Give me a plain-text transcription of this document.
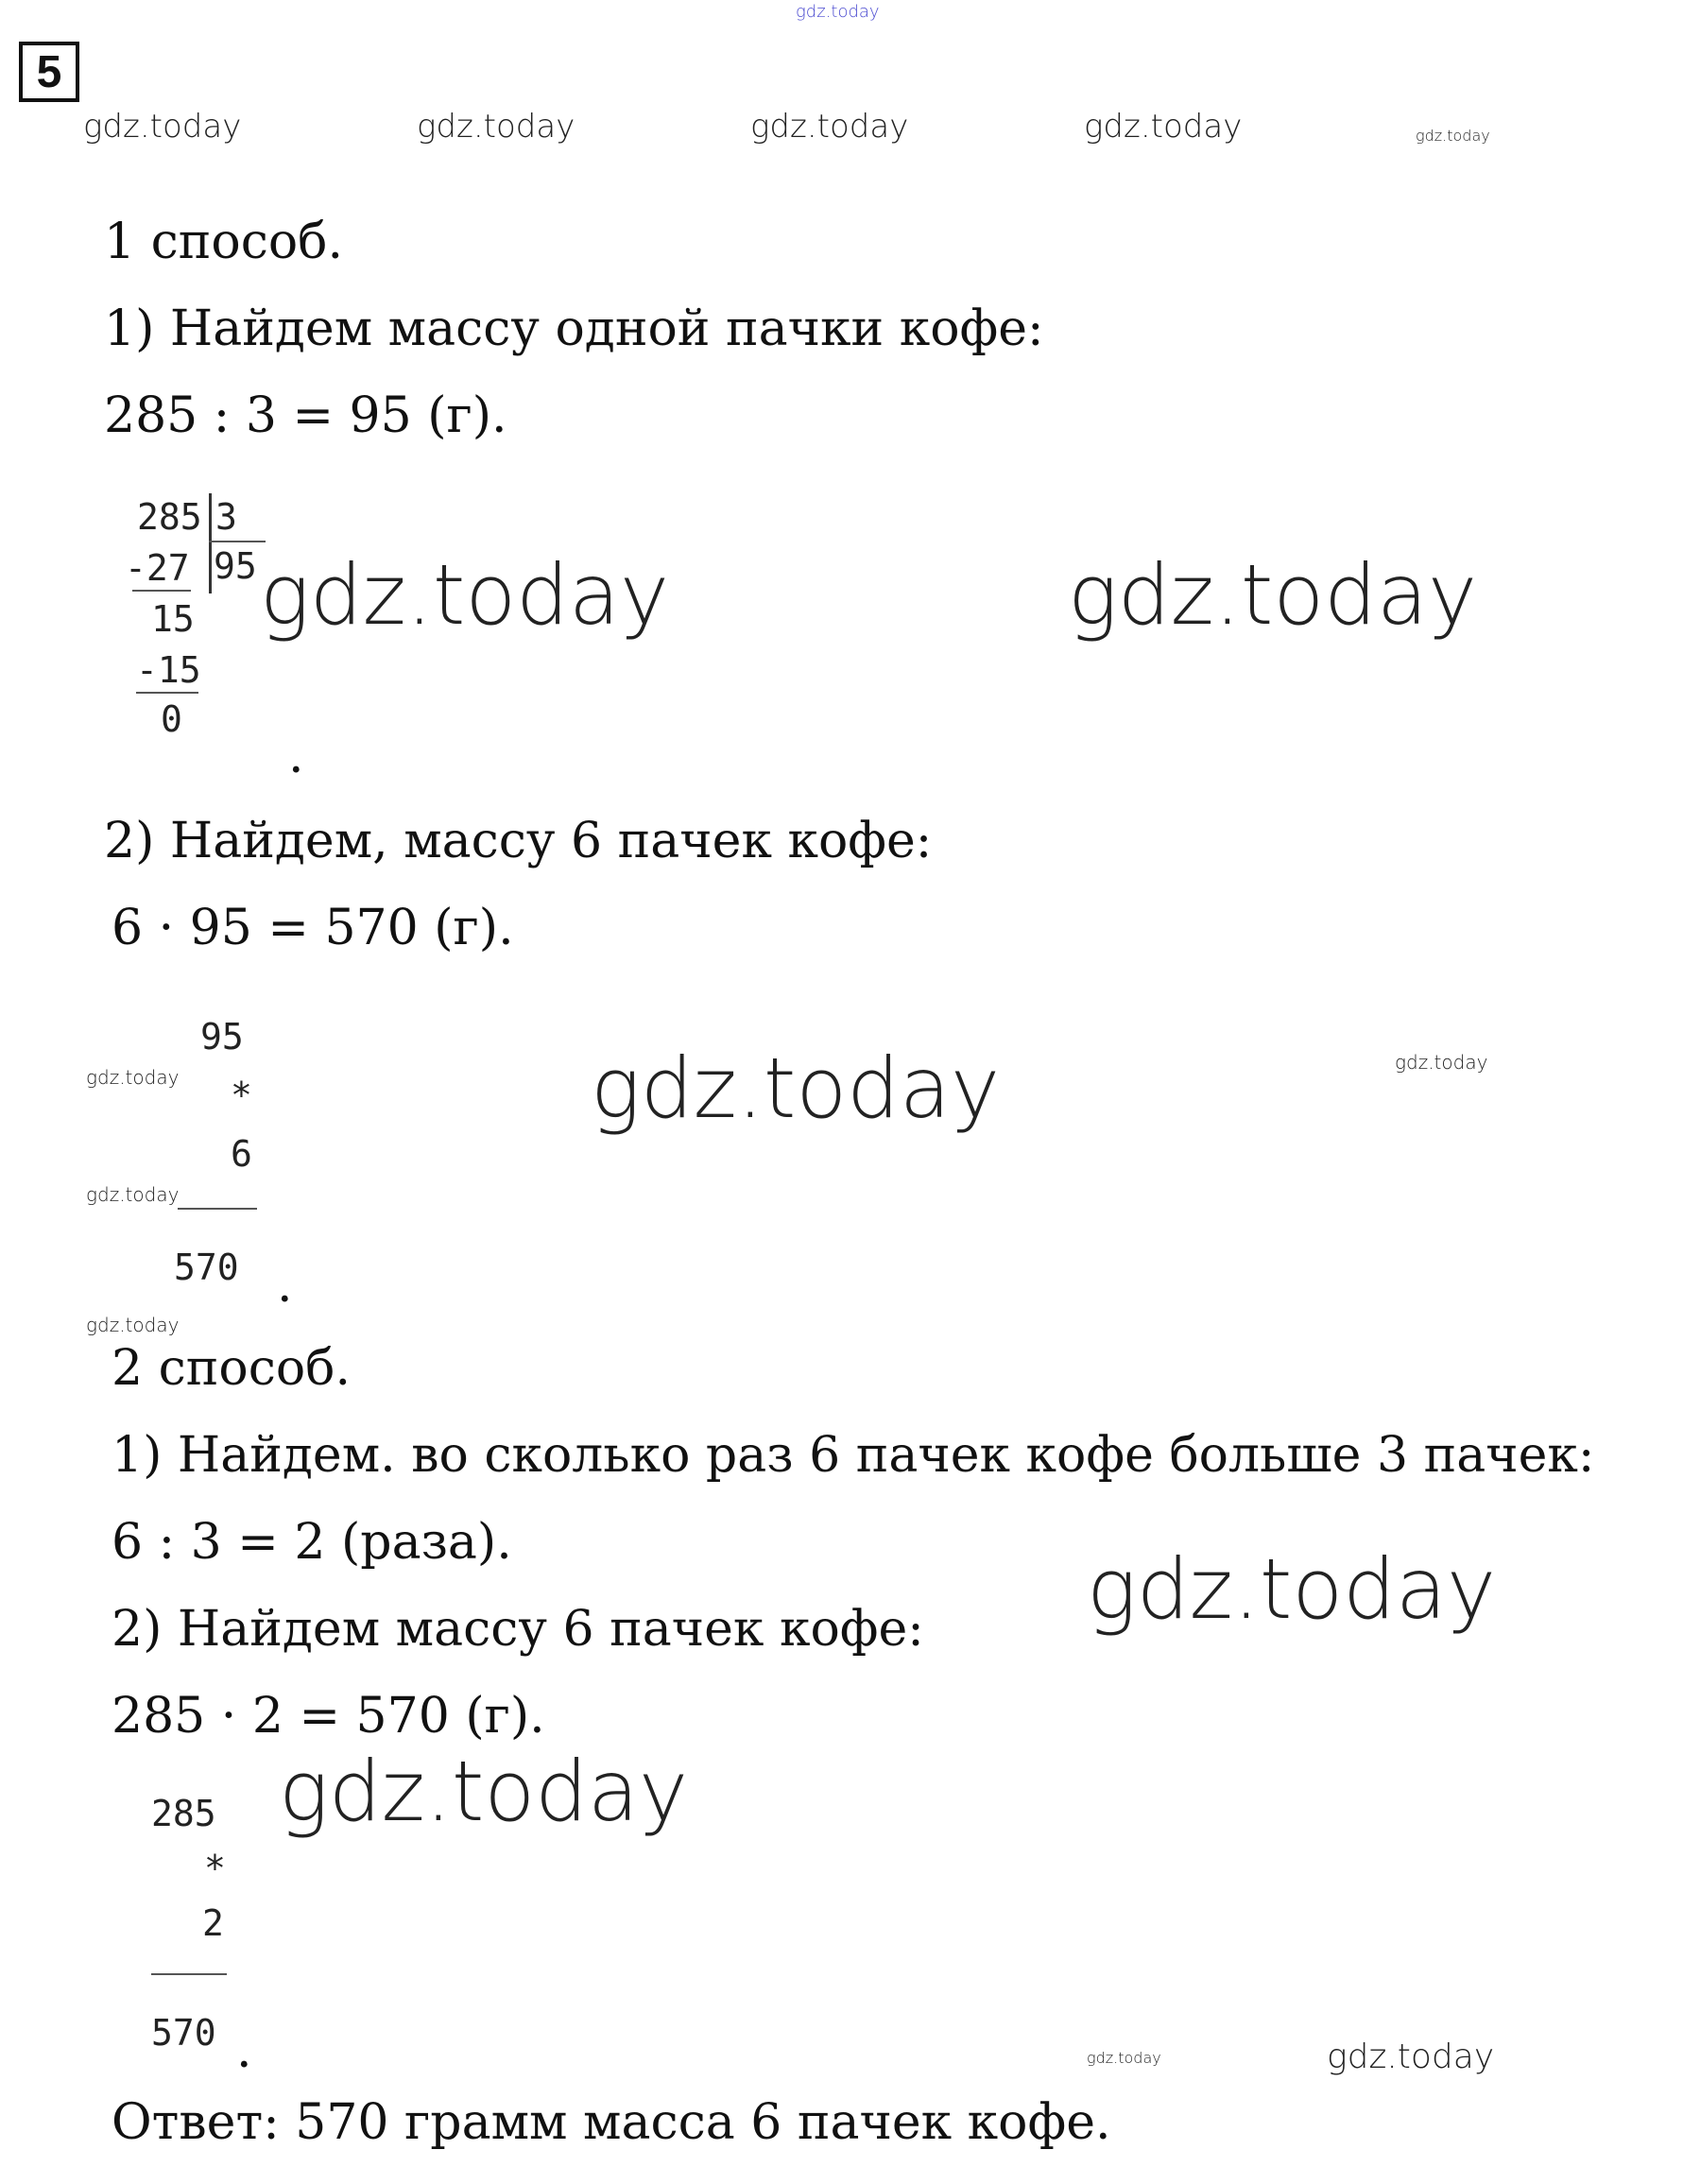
5
gdz.today
gdz.today	gdz.today	gdz.today	gdz.today	gdz.today
1 способ.
1) Найдем массу одной пачки кофе:
285 : 3 = 95 (г).
285 3
95
-27
15
-15
0
.
gdz.today	gdz.today
2) Найдем, массу 6 пачек кофе:
6 · 95 = 570 (г).
95
*
6
570 .
gdz.today
gdz.today
gdz.today
gdz.today
gdz.today
2 способ.
1) Найдем. во сколько раз 6 пачек кофе больше 3 пачек:
6 : 3 = 2 (раза).
2) Найдем массу 6 пачек кофе:
285 · 2 = 570 (г).
gdz.today
gdz.today
285
*
2
570 .	gdz.today	gdz.today
Ответ: 570 грамм масса 6 пачек кофе.
